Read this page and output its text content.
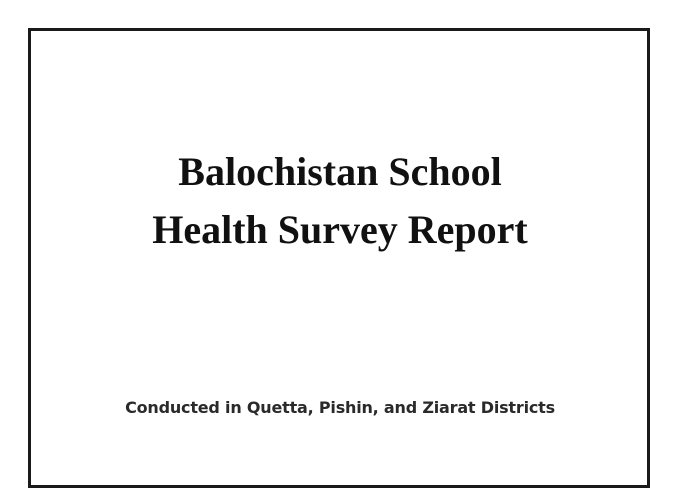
Balochistan School
Health Survey Report

Conducted in Quetta, Pishin, and Ziarat Districts
